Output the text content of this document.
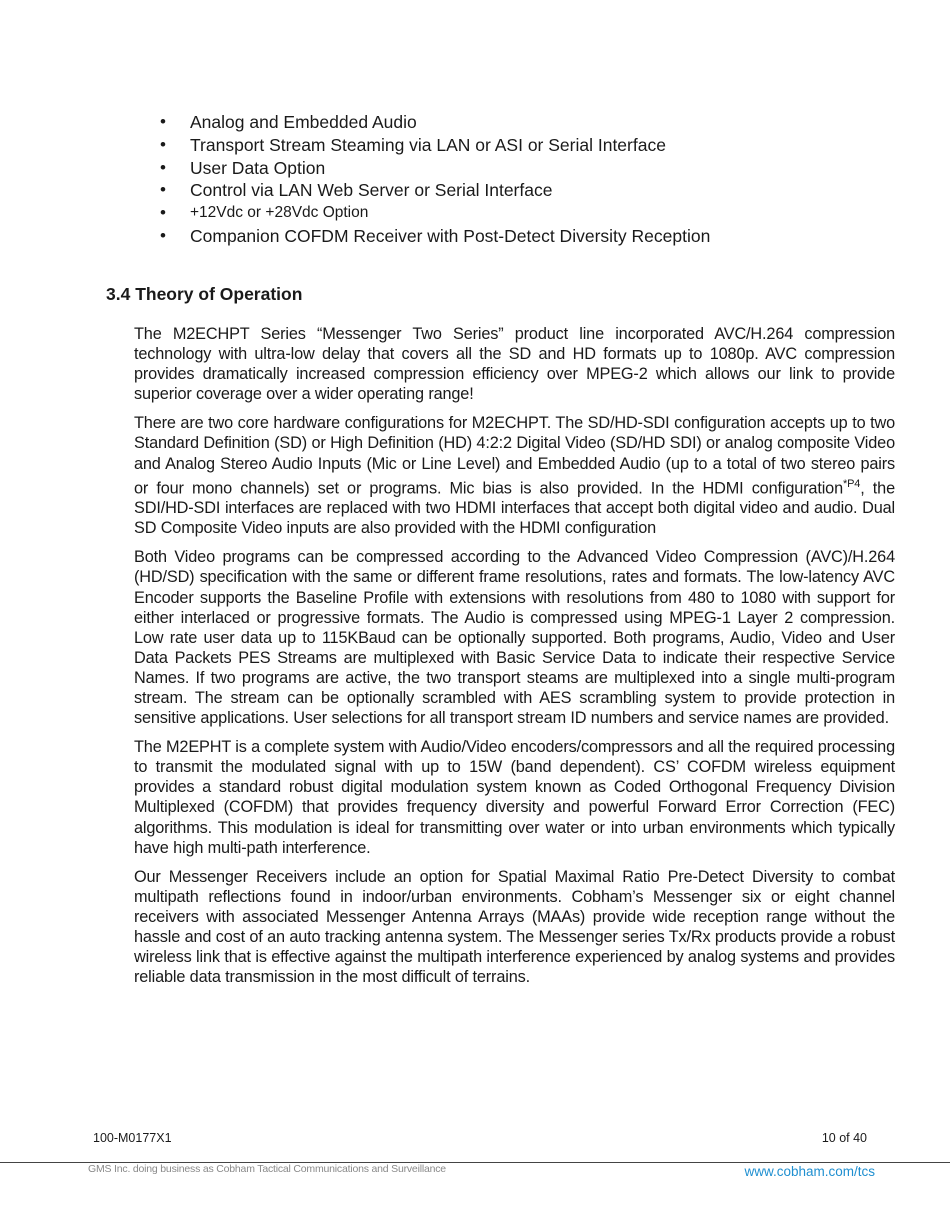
• Analog and Embedded Audio
• Transport Stream Steaming via LAN or ASI or Serial Interface
• User Data Option
• Control via LAN Web Server or Serial Interface
• +12Vdc or +28Vdc Option
• Companion COFDM Receiver with Post-Detect Diversity Reception
3.4 Theory of Operation

The M2ECHPT Series “Messenger Two Series” product line incorporated AVC/H.264 compression technology with ultra-low delay that covers all the SD and HD formats up to 1080p. AVC compression provides dramatically increased compression efficiency over MPEG-2 which allows our link to provide superior coverage over a wider operating range!

There are two core hardware configurations for M2ECHPT. The SD/HD-SDI configuration accepts up to two Standard Definition (SD) or High Definition (HD) 4:2:2 Digital Video (SD/HD SDI) or analog composite Video and Analog Stereo Audio Inputs (Mic or Line Level) and Embedded Audio (up to a total of two stereo pairs or four mono channels) set or programs. Mic bias is also provided. In the HDMI configuration$^{*P4}$, the SDI/HD-SDI interfaces are replaced with two HDMI interfaces that accept both digital video and audio. Dual SD Composite Video inputs are also provided with the HDMI configuration

Both Video programs can be compressed according to the Advanced Video Compression (AVC)/H.264 (HD/SD) specification with the same or different frame resolutions, rates and formats. The low-latency AVC Encoder supports the Baseline Profile with extensions with resolutions from 480 to 1080 with support for either interlaced or progressive formats. The Audio is compressed using MPEG-1 Layer 2 compression. Low rate user data up to 115KBaud can be optionally supported. Both programs, Audio, Video and User Data Packets PES Streams are multiplexed with Basic Service Data to indicate their respective Service Names. If two programs are active, the two transport steams are multiplexed into a single multi-program stream. The stream can be optionally scrambled with AES scrambling system to provide protection in sensitive applications. User selections for all transport stream ID numbers and service names are provided.

The M2EPHT is a complete system with Audio/Video encoders/compressors and all the required processing to transmit the modulated signal with up to 15W (band dependent). CS’ COFDM wireless equipment provides a standard robust digital modulation system known as Coded Orthogonal Frequency Division Multiplexed (COFDM) that provides frequency diversity and powerful Forward Error Correction (FEC) algorithms. This modulation is ideal for transmitting over water or into urban environments which typically have high multi-path interference.

Our Messenger Receivers include an option for Spatial Maximal Ratio Pre-Detect Diversity to combat multipath reflections found in indoor/urban environments. Cobham’s Messenger six or eight channel receivers with associated Messenger Antenna Arrays (MAAs) provide wide reception range without the hassle and cost of an auto tracking antenna system. The Messenger series Tx/Rx products provide a robust wireless link that is effective against the multipath interference experienced by analog systems and provides reliable data transmission in the most difficult of terrains.

100-M0177X1	10 of 40
GMS Inc. doing business as Cobham Tactical Communications and Surveillance	www.cobham.com/tcs
